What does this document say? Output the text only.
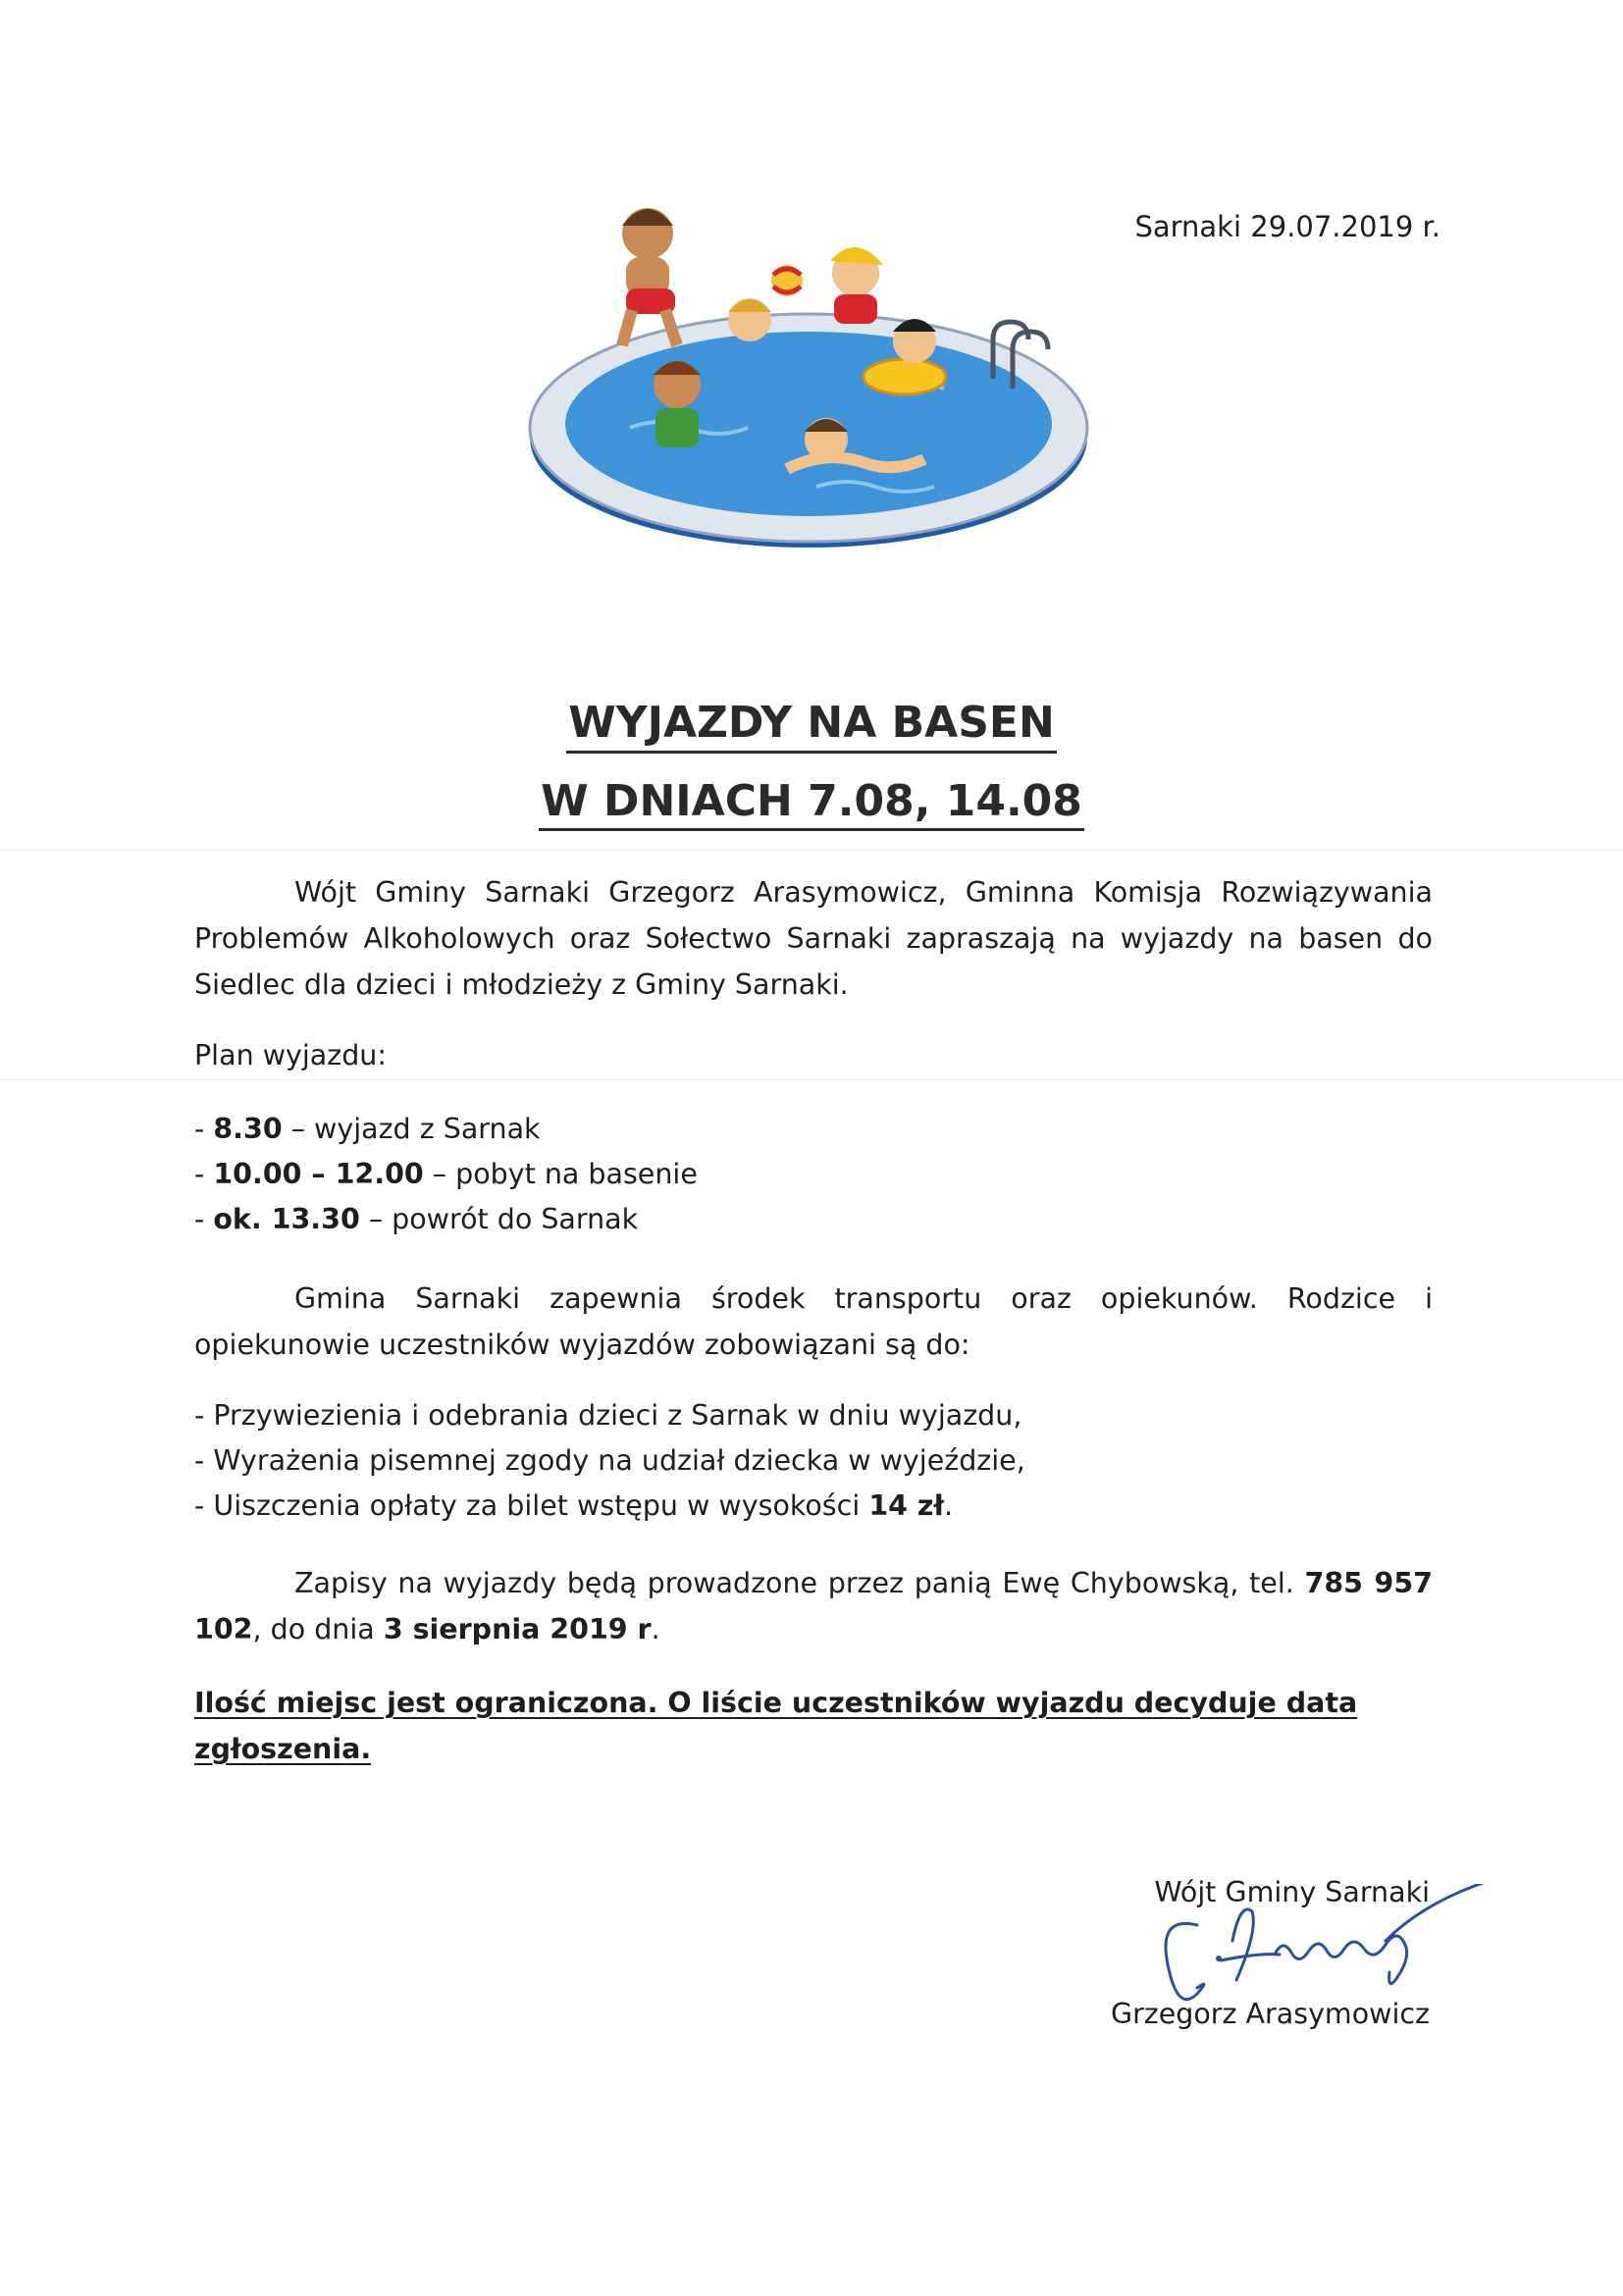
Sarnaki 29.07.2019 r.
WYJAZDY NA BASEN
W DNIACH 7.08, 14.08

Wójt Gminy Sarnaki Grzegorz Arasymowicz, Gminna Komisja Rozwiązywania Problemów Alkoholowych oraz Sołectwo Sarnaki zapraszają na wyjazdy na basen do Siedlec dla dzieci i młodzieży z Gminy Sarnaki.

Plan wyjazdu:
- 8.30 – wyjazd z Sarnak
- 10.00 – 12.00 – pobyt na basenie
- ok. 13.30 – powrót do Sarnak

Gmina Sarnaki zapewnia środek transportu oraz opiekunów. Rodzice i opiekunowie uczestników wyjazdów zobowiązani są do:

- Przywiezienia i odebrania dzieci z Sarnak w dniu wyjazdu,
- Wyrażenia pisemnej zgody na udział dziecka w wyjeździe,
- Uiszczenia opłaty za bilet wstępu w wysokości 14 zł.

Zapisy na wyjazdy będą prowadzone przez panią Ewę Chybowską, tel. 785 957 102, do dnia 3 sierpnia 2019 r.

Ilość miejsc jest ograniczona. O liście uczestników wyjazdu decyduje data zgłoszenia.
Wójt Gminy Sarnaki
Grzegorz Arasymowicz
